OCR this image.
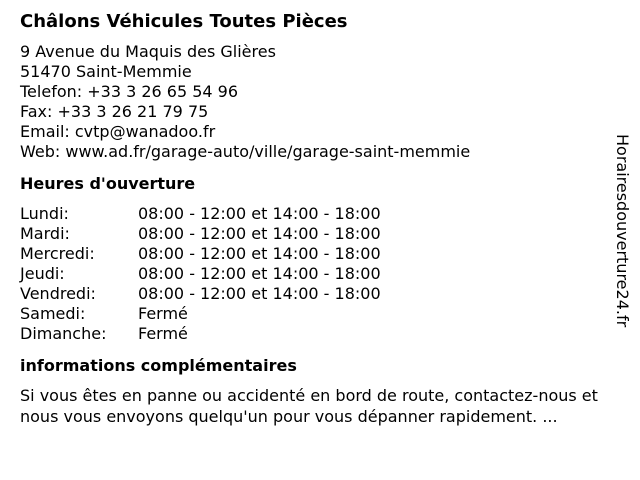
Châlons Véhicules Toutes Pièces
9 Avenue du Maquis des Glières
51470 Saint-Memmie
Telefon: +33 3 26 65 54 96
Fax: +33 3 26 21 79 75
Email: cvtp@wanadoo.fr
Web: www.ad.fr/garage-auto/ville/garage-saint-memmie
Heures d'ouverture
Lundi:	08:00 - 12:00 et 14:00 - 18:00
Mardi:	08:00 - 12:00 et 14:00 - 18:00
Mercredi:	08:00 - 12:00 et 14:00 - 18:00
Jeudi:	08:00 - 12:00 et 14:00 - 18:00
Vendredi:	08:00 - 12:00 et 14:00 - 18:00
Samedi:	Fermé
Dimanche:	Fermé
informations complémentaires
Si vous êtes en panne ou accidenté en bord de route, contactez-nous et nous vous envoyons quelqu'un pour vous dépanner rapidement. ...
Horairesdouverture24.fr
